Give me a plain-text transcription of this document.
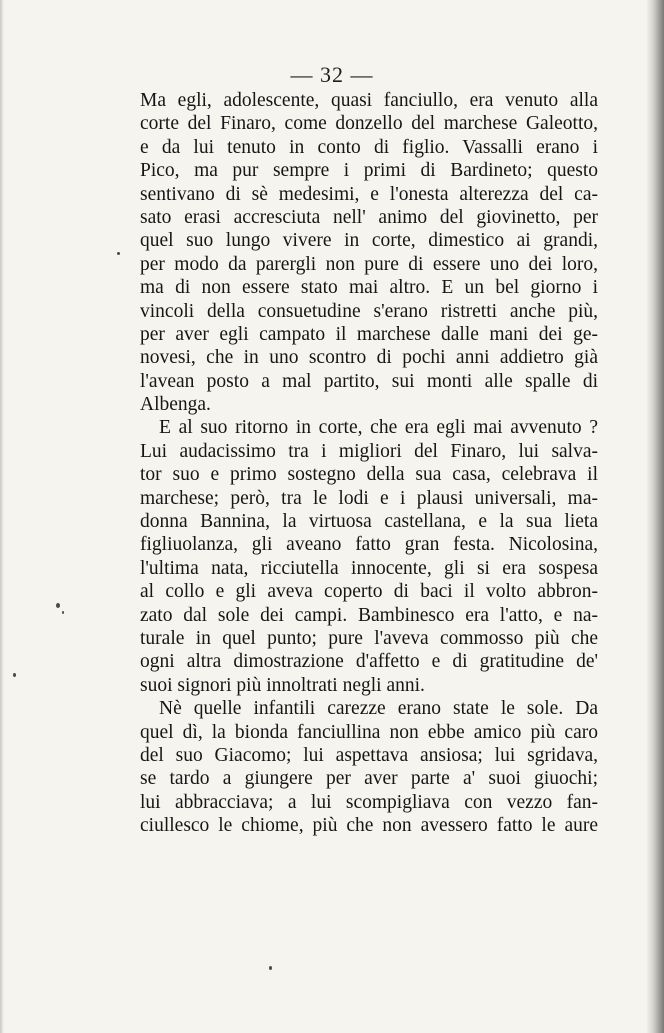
— 32 —
Ma egli, adolescente, quasi fanciullo, era venuto alla
corte del Finaro, come donzello del marchese Galeotto,
e da lui tenuto in conto di figlio. Vassalli erano i
Pico, ma pur sempre i primi di Bardineto; questo
sentivano di sè medesimi, e l'onesta alterezza del ca-
sato erasi accresciuta nell' animo del giovinetto, per
quel suo lungo vivere in corte, dimestico ai grandi,
per modo da parergli non pure di essere uno dei loro,
ma di non essere stato mai altro. E un bel giorno i
vincoli della consuetudine s'erano ristretti anche più,
per aver egli campato il marchese dalle mani dei ge-
novesi, che in uno scontro di pochi anni addietro già
l'avean posto a mal partito, sui monti alle spalle di
Albenga.
E al suo ritorno in corte, che era egli mai avvenuto ?
Lui audacissimo tra i migliori del Finaro, lui salva-
tor suo e primo sostegno della sua casa, celebrava il
marchese; però, tra le lodi e i plausi universali, ma-
donna Bannina, la virtuosa castellana, e la sua lieta
figliuolanza, gli aveano fatto gran festa. Nicolosina,
l'ultima nata, ricciutella innocente, gli si era sospesa
al collo e gli aveva coperto di baci il volto abbron-
zato dal sole dei campi. Bambinesco era l'atto, e na-
turale in quel punto; pure l'aveva commosso più che
ogni altra dimostrazione d'affetto e di gratitudine de'
suoi signori più innoltrati negli anni.
Nè quelle infantili carezze erano state le sole. Da
quel dì, la bionda fanciullina non ebbe amico più caro
del suo Giacomo; lui aspettava ansiosa; lui sgridava,
se tardo a giungere per aver parte a' suoi giuochi;
lui abbracciava; a lui scompigliava con vezzo fan-
ciullesco le chiome, più che non avessero fatto le aure
